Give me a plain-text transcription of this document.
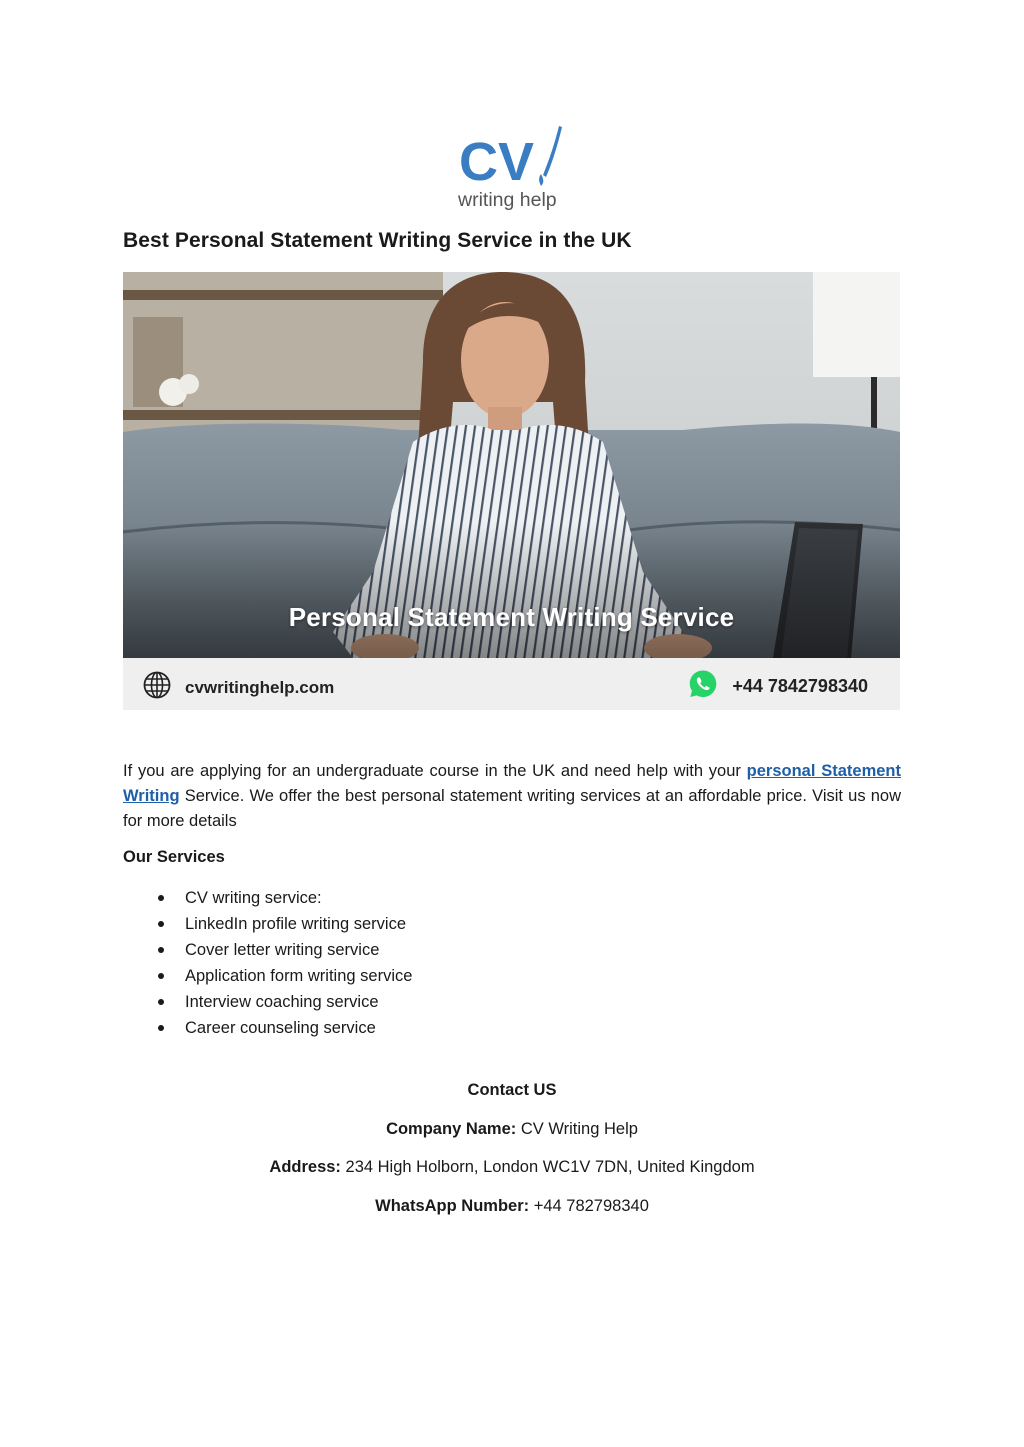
CV
writing help
Best Personal Statement Writing Service in the UK
Personal Statement Writing Service
cvwritinghelp.com	+44 7842798340

If you are applying for an undergraduate course in the UK and need help with your personal Statement Writing Service. We offer the best personal statement writing services at an affordable price. Visit us now for more details

Our Services
CV writing service:
LinkedIn profile writing service
Cover letter writing service
Application form writing service
Interview coaching service
Career counseling service

Contact US

Company Name: CV Writing Help

Address: 234 High Holborn, London WC1V 7DN, United Kingdom

WhatsApp Number: +44 782798340
